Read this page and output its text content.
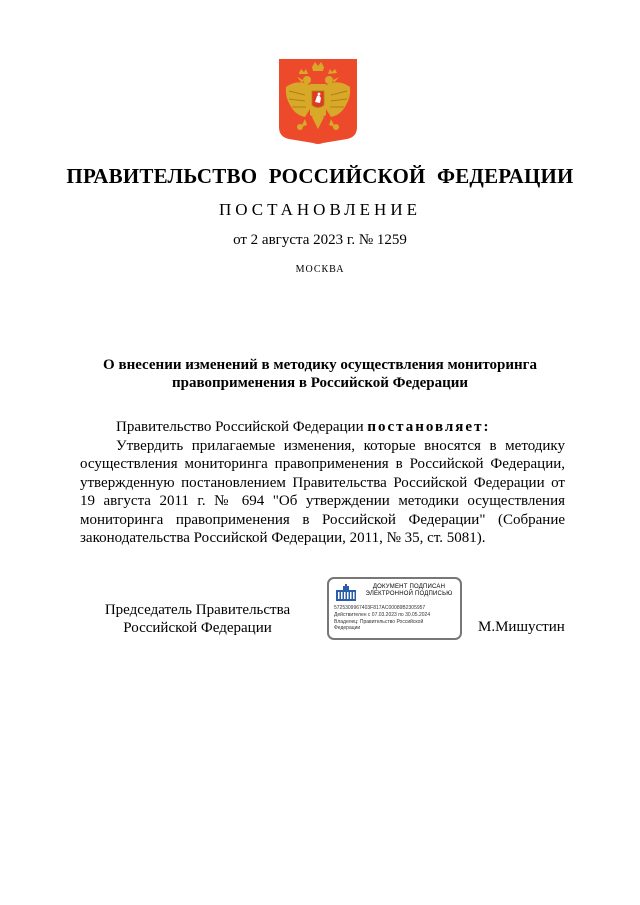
ПРАВИТЕЛЬСТВО РОССИЙСКОЙ ФЕДЕРАЦИИ
ПОСТАНОВЛЕНИЕ
от 2 августа 2023 г. № 1259
МОСКВА
О внесении изменений в методику осуществления мониторинга
правоприменения в Российской Федерации

Правительство Российской Федерации постановляет:

Утвердить прилагаемые изменения, которые вносятся в методику осуществления мониторинга правоприменения в Российской Федерации, утвержденную постановлением Правительства Российской Федерации от 19 августа 2011 г. № 694 "Об утверждении методики осуществления мониторинга правоприменения в Российской Федерации" (Собрание законодательства Российской Федерации, 2011, № 35, ст. 5081).

Председатель Правительства
Российской Федерации
ДОКУМЕНТ ПОДПИСАН
ЭЛЕКТРОННОЙ ПОДПИСЬЮ
5725309967403F817AC00089B2305957
Действителен с 07.03.2023 по 30.05.2024
Владелец: Правительство Российской Федерации	М.Мишустин
